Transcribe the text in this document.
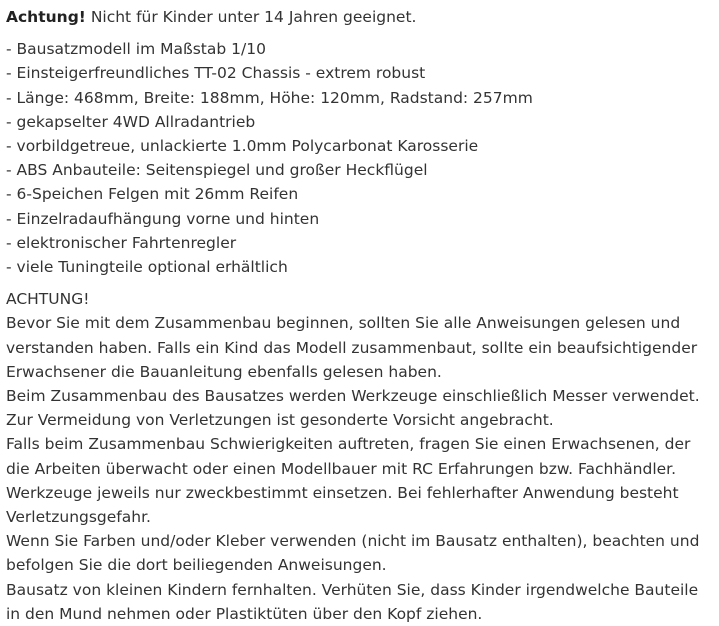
Achtung! Nicht für Kinder unter 14 Jahren geeignet.

- Bausatzmodell im Maßstab 1/10
- Einsteigerfreundliches TT-02 Chassis - extrem robust
- Länge: 468mm, Breite: 188mm, Höhe: 120mm, Radstand: 257mm
- gekapselter 4WD Allradantrieb
- vorbildgetreue, unlackierte 1.0mm Polycarbonat Karosserie
- ABS Anbauteile: Seitenspiegel und großer Heckflügel
- 6-Speichen Felgen mit 26mm Reifen
- Einzelradaufhängung vorne und hinten
- elektronischer Fahrtenregler
- viele Tuningteile optional erhältlich

ACHTUNG!

Bevor Sie mit dem Zusammenbau beginnen, sollten Sie alle Anweisungen gelesen und verstanden haben. Falls ein Kind das Modell zusammenbaut, sollte ein beaufsichtigender Erwachsener die Bauanleitung ebenfalls gelesen haben.

Beim Zusammenbau des Bausatzes werden Werkzeuge einschließlich Messer verwendet. Zur Vermeidung von Verletzungen ist gesonderte Vorsicht angebracht.

Falls beim Zusammenbau Schwierigkeiten auftreten, fragen Sie einen Erwachsenen, der die Arbeiten überwacht oder einen Modellbauer mit RC Erfahrungen bzw. Fachhändler.

Werkzeuge jeweils nur zweckbestimmt einsetzen. Bei fehlerhafter Anwendung besteht Verletzungsgefahr.

Wenn Sie Farben und/oder Kleber verwenden (nicht im Bausatz enthalten), beachten und befolgen Sie die dort beiliegenden Anweisungen.

Bausatz von kleinen Kindern fernhalten. Verhüten Sie, dass Kinder irgendwelche Bauteile in den Mund nehmen oder Plastiktüten über den Kopf ziehen.
